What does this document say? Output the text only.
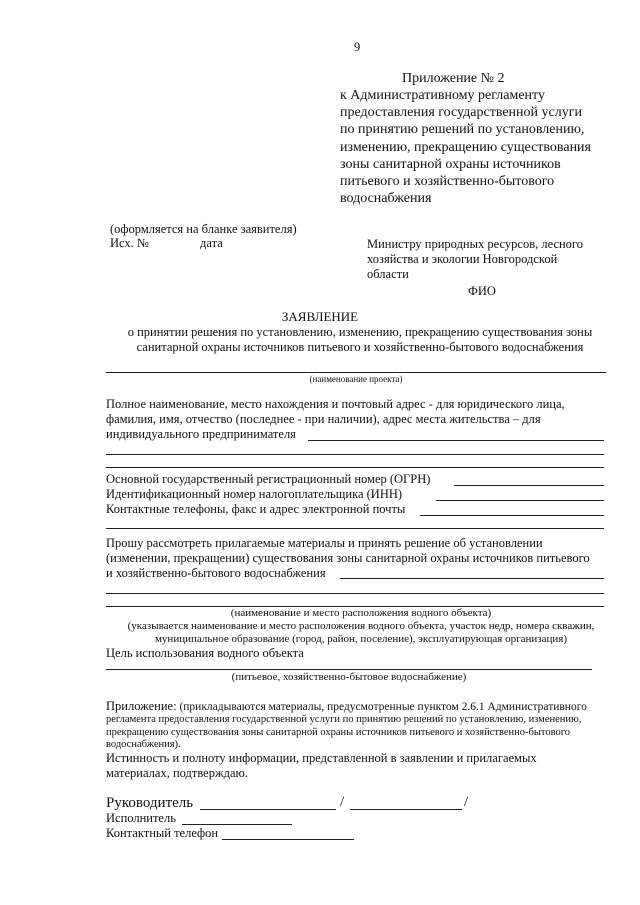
9
Приложение № 2
к Административному регламенту
предоставления государственной услуги
по принятию решений по установлению,
изменению, прекращению существования
зоны санитарной охраны источников
питьевого и хозяйственно-бытового
водоснабжения
(оформляется на бланке заявителя)
Исх. №	дата	Министру природных ресурсов, лесного
хозяйства и экологии Новгородской
области
ФИО
ЗАЯВЛЕНИЕ
о принятии решения по установлению, изменению, прекращению существования зоны
санитарной охраны источников питьевого и хозяйственно-бытового водоснабжения
(наименование проекта)
Полное наименование, место нахождения и почтовый адрес - для юридического лица,
фамилия, имя, отчество (последнее - при наличии), адрес места жительства – для
индивидуального предпринимателя
Основной государственный регистрационный номер (ОГРН)
Идентификационный номер налогоплательщика (ИНН)
Контактные телефоны, факс и адрес электронной почты
Прошу рассмотреть прилагаемые материалы и принять решение об установлении
(изменении, прекращении) существования зоны санитарной охраны источников питьевого
и хозяйственно-бытового водоснабжения
(наименование и место расположения водного объекта)
(указывается наименование и место расположения водного объекта, участок недр, номера скважин,
муниципальное образование (город, район, поселение), эксплуатирующая организация)
Цель использования водного объекта
(питьевое, хозяйственно-бытовое водоснабжение)
Приложение: (прикладываются материалы, предусмотренные пунктом 2.6.1 Административного
регламента предоставления государственной услуги по принятию решений по установлению, изменению,
прекращению существования зоны санитарной охраны источников питьевого и хозяйственно-бытового
водоснабжения).
Истинность и полноту информации, представленной в заявлении и прилагаемых
материалах, подтверждаю.
Руководитель	/	/
Исполнитель
Контактный телефон
